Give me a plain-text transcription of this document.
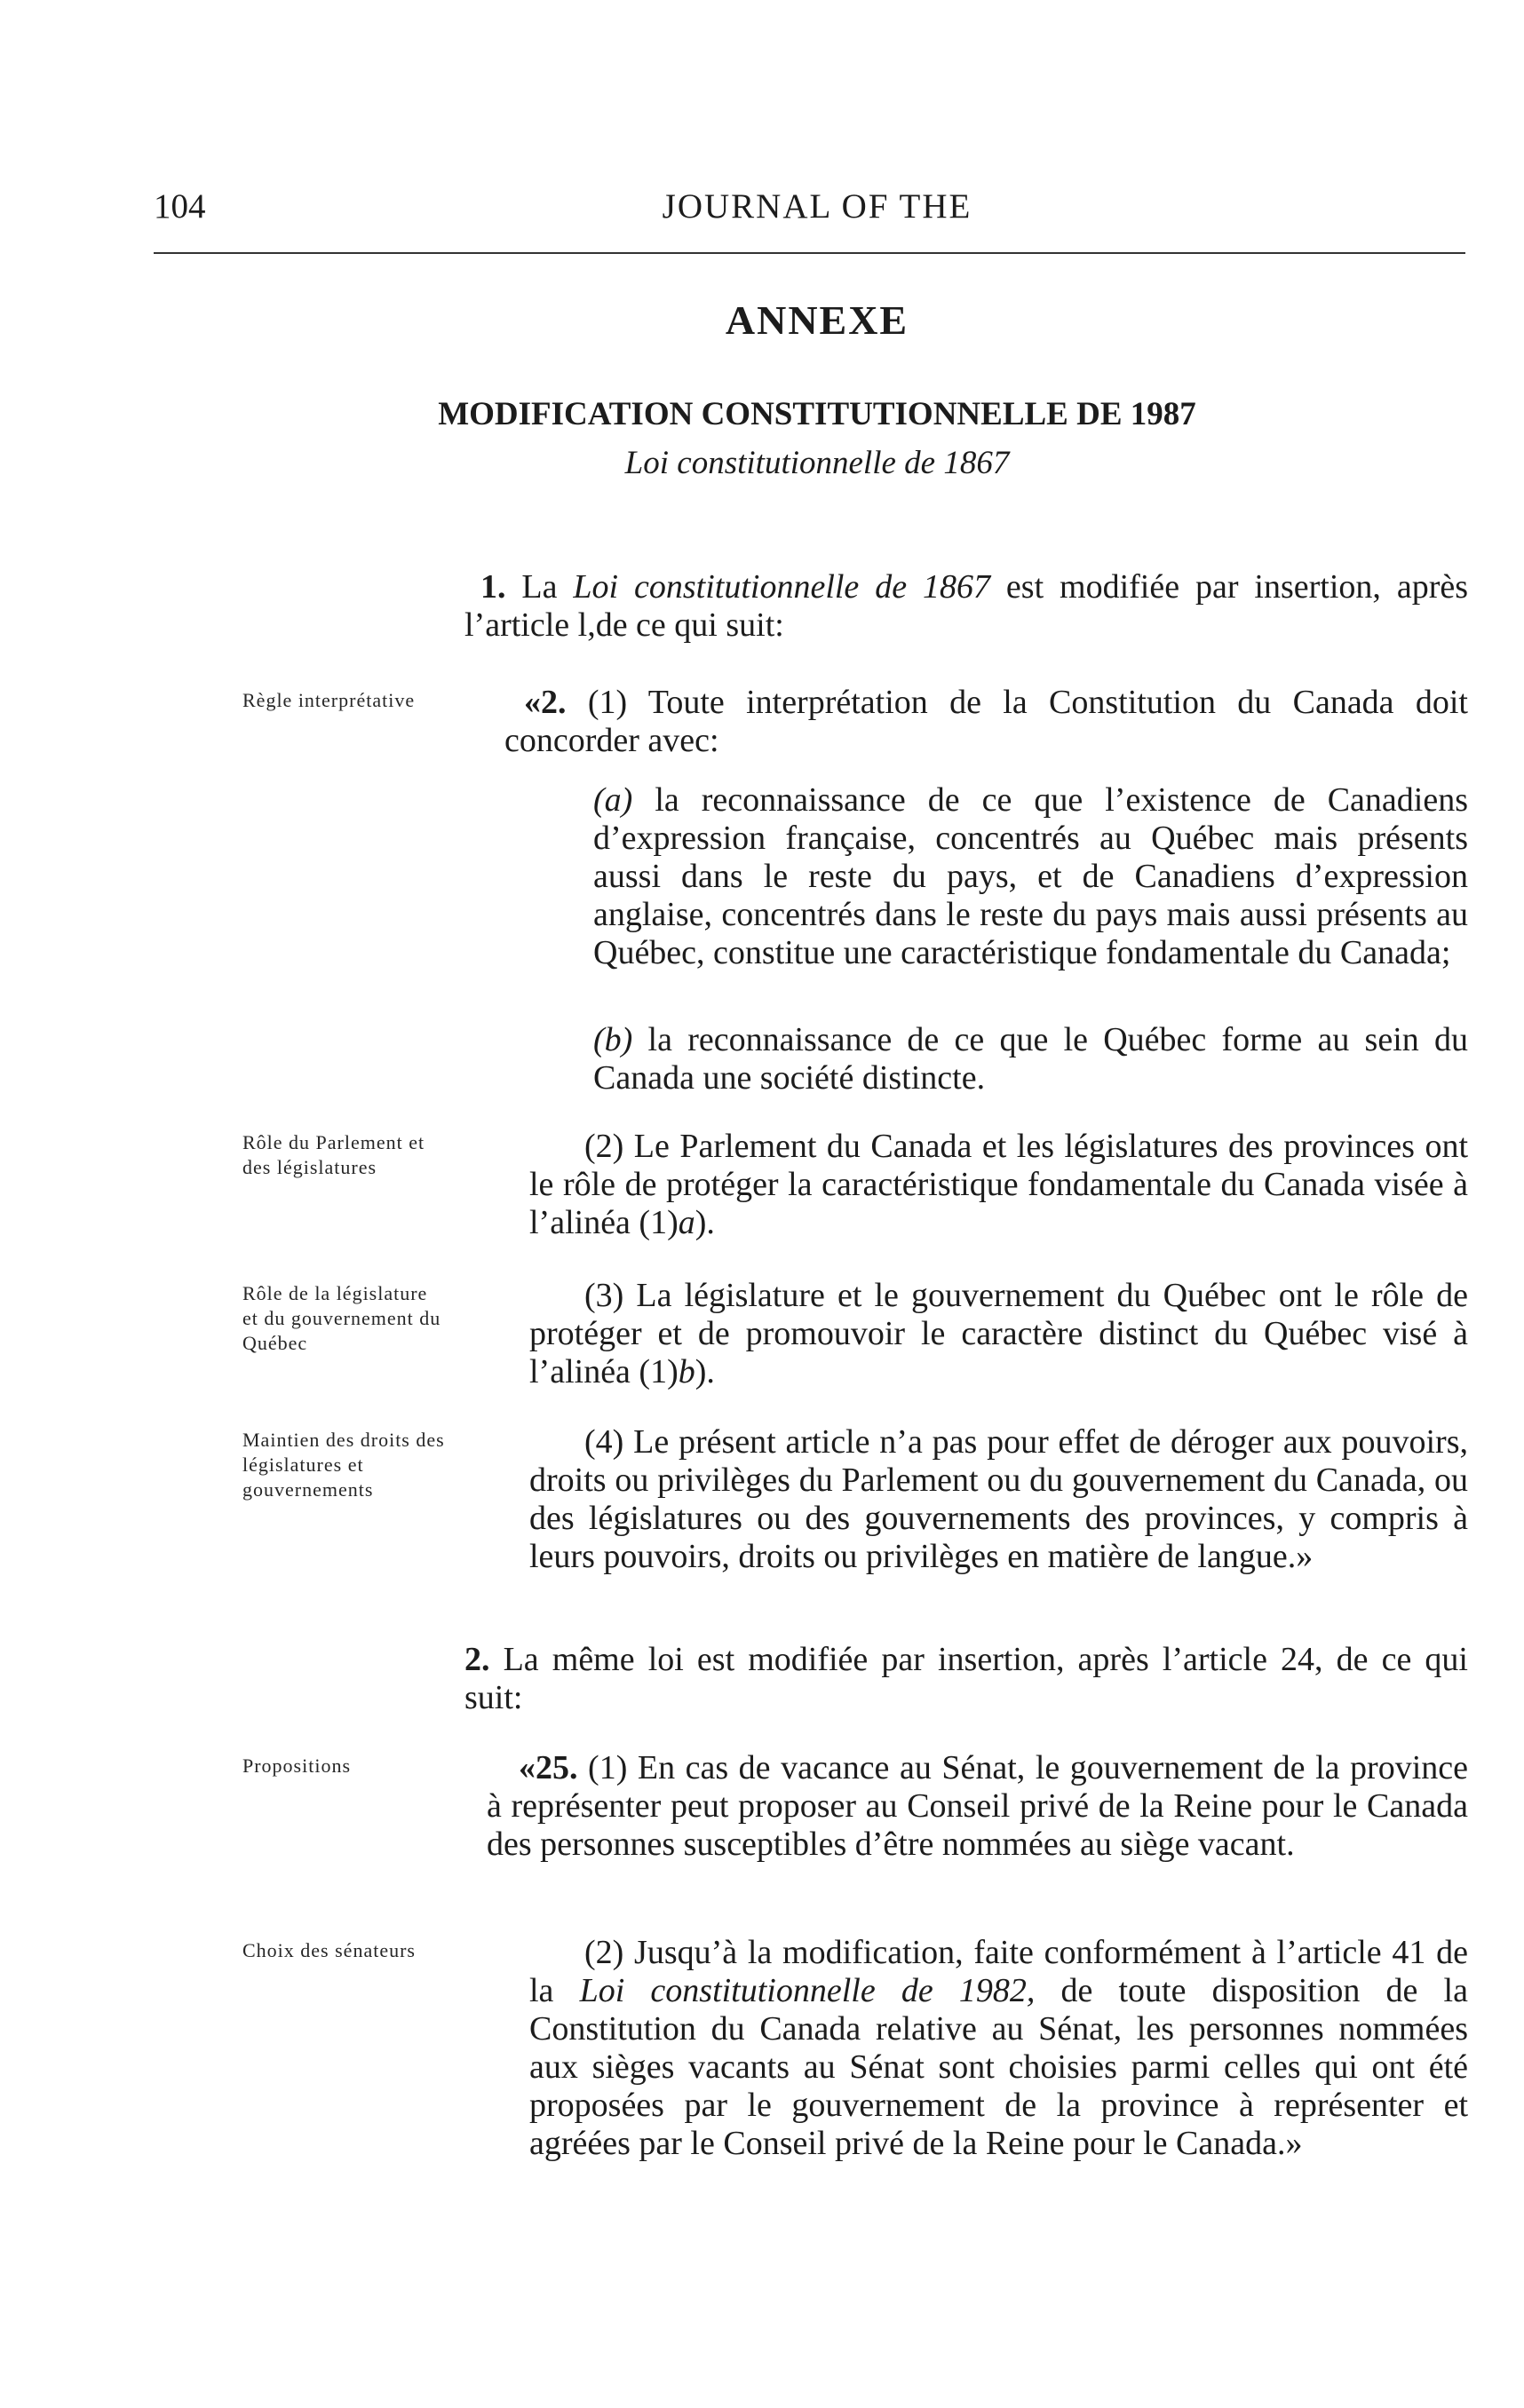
104	JOURNAL OF THE
ANNEXE
MODIFICATION CONSTITUTIONNELLE DE 1987
Loi constitutionnelle de 1867
1. La Loi constitutionnelle de 1867 est modifiée par insertion, après l’article l,de ce qui suit:
Règle interprétative	«2. (1) Toute interprétation de la Constitution du Canada doit concorder avec:
(a) la reconnaissance de ce que l’existence de Canadiens d’expression française, concentrés au Québec mais présents aussi dans le reste du pays, et de Canadiens d’expression anglaise, concentrés dans le reste du pays mais aussi présents au Québec, constitue une caractéristique fondamentale du Canada;
(b) la reconnaissance de ce que le Québec forme au sein du Canada une société distincte.
Rôle du Parlement et des législatures
(2) Le Parlement du Canada et les législatures des provinces ont le rôle de protéger la caractéristique fondamentale du Canada visée à l’alinéa (1)a).
Rôle de la législature et du gouvernement du Québec
(3) La législature et le gouvernement du Québec ont le rôle de protéger et de promouvoir le caractère distinct du Québec visé à l’alinéa (1)b).
Maintien des droits des législatures et gouvernements
(4) Le présent article n’a pas pour effet de déroger aux pouvoirs, droits ou privilèges du Parlement ou du gouvernement du Canada, ou des législatures ou des gouvernements des provinces, y compris à leurs pouvoirs, droits ou privilèges en matière de langue.»
2. La même loi est modifiée par insertion, après l’article 24, de ce qui suit:
Propositions	«25. (1) En cas de vacance au Sénat, le gouvernement de la province à représenter peut proposer au Conseil privé de la Reine pour le Canada des personnes susceptibles d’être nommées au siège vacant.
Choix des sénateurs	(2) Jusqu’à la modification, faite conformément à l’article 41 de la Loi constitutionnelle de 1982, de toute disposition de la Constitution du Canada relative au Sénat, les personnes nommées aux sièges vacants au Sénat sont choisies parmi celles qui ont été proposées par le gouvernement de la province à représenter et agréées par le Conseil privé de la Reine pour le Canada.»
